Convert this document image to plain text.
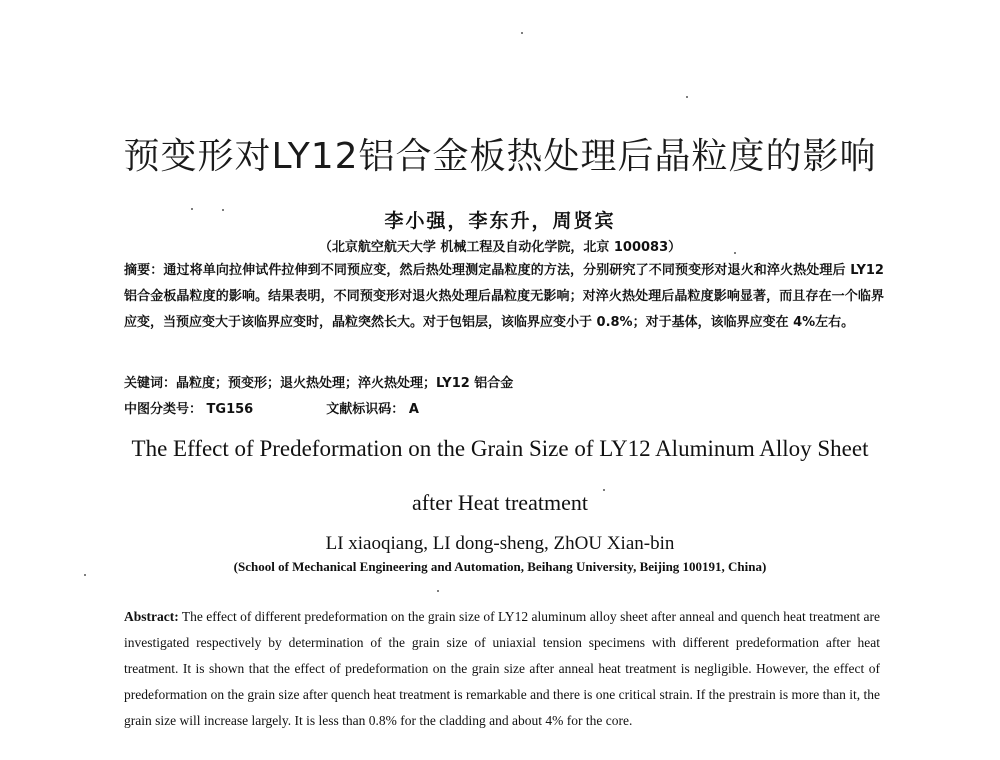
预变形对LY12铝合金板热处理后晶粒度的影响
李小强，李东升，周贤宾
（北京航空航天大学 机械工程及自动化学院，北京 100083）
摘要：通过将单向拉伸试件拉伸到不同预应变，然后热处理测定晶粒度的方法，分别研究了不同预变形对退火和淬火热处理后 LY12 铝合金板晶粒度的影响。结果表明，不同预变形对退火热处理后晶粒度无影响；对淬火热处理后晶粒度影响显著，而且存在一个临界应变，当预应变大于该临界应变时，晶粒突然长大。对于包铝层，该临界应变小于 0.8%；对于基体，该临界应变在 4%左右。
关键词：晶粒度；预变形；退火热处理；淬火热处理；LY12 铝合金
中图分类号： TG156	文献标识码： A
The Effect of Predeformation on the Grain Size of LY12 Aluminum Alloy Sheet
after Heat treatment
LI xiaoqiang, LI dong-sheng, ZhOU Xian-bin
(School of Mechanical Engineering and Automation, Beihang University, Beijing 100191, China)
Abstract: The effect of different predeformation on the grain size of LY12 aluminum alloy sheet after anneal and quench heat treatment are investigated respectively by determination of the grain size of uniaxial tension specimens with different predeformation after heat treatment. It is shown that the effect of predeformation on the grain size after anneal heat treatment is negligible. However, the effect of predeformation on the grain size after quench heat treatment is remarkable and there is one critical strain. If the prestrain is more than it, the grain size will increase largely. It is less than 0.8% for the cladding and about 4% for the core.
